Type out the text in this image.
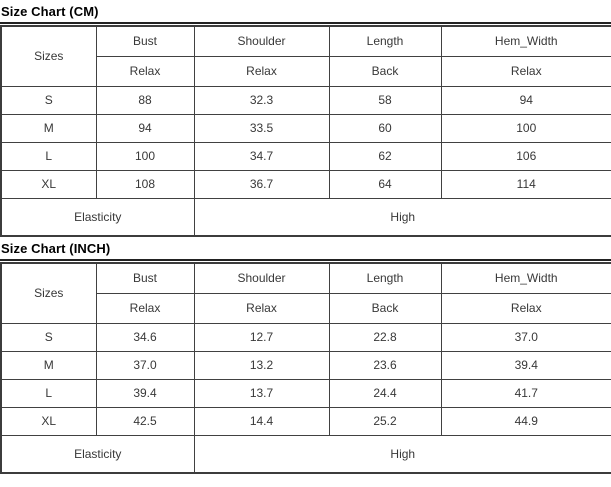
Size Chart (CM)
Sizes	Bust	Shoulder	Length	Hem_Width
	Relax	Relax	Back	Relax
S	88	32.3	58	94
M	94	33.5	60	100
L	100	34.7	62	106
XL	108	36.7	64	114
Elasticity		High		
Size Chart (INCH)
Sizes	Bust	Shoulder	Length	Hem_Width
	Relax	Relax	Back	Relax
S	34.6	12.7	22.8	37.0
M	37.0	13.2	23.6	39.4
L	39.4	13.7	24.4	41.7
XL	42.5	14.4	25.2	44.9
Elasticity		High		
